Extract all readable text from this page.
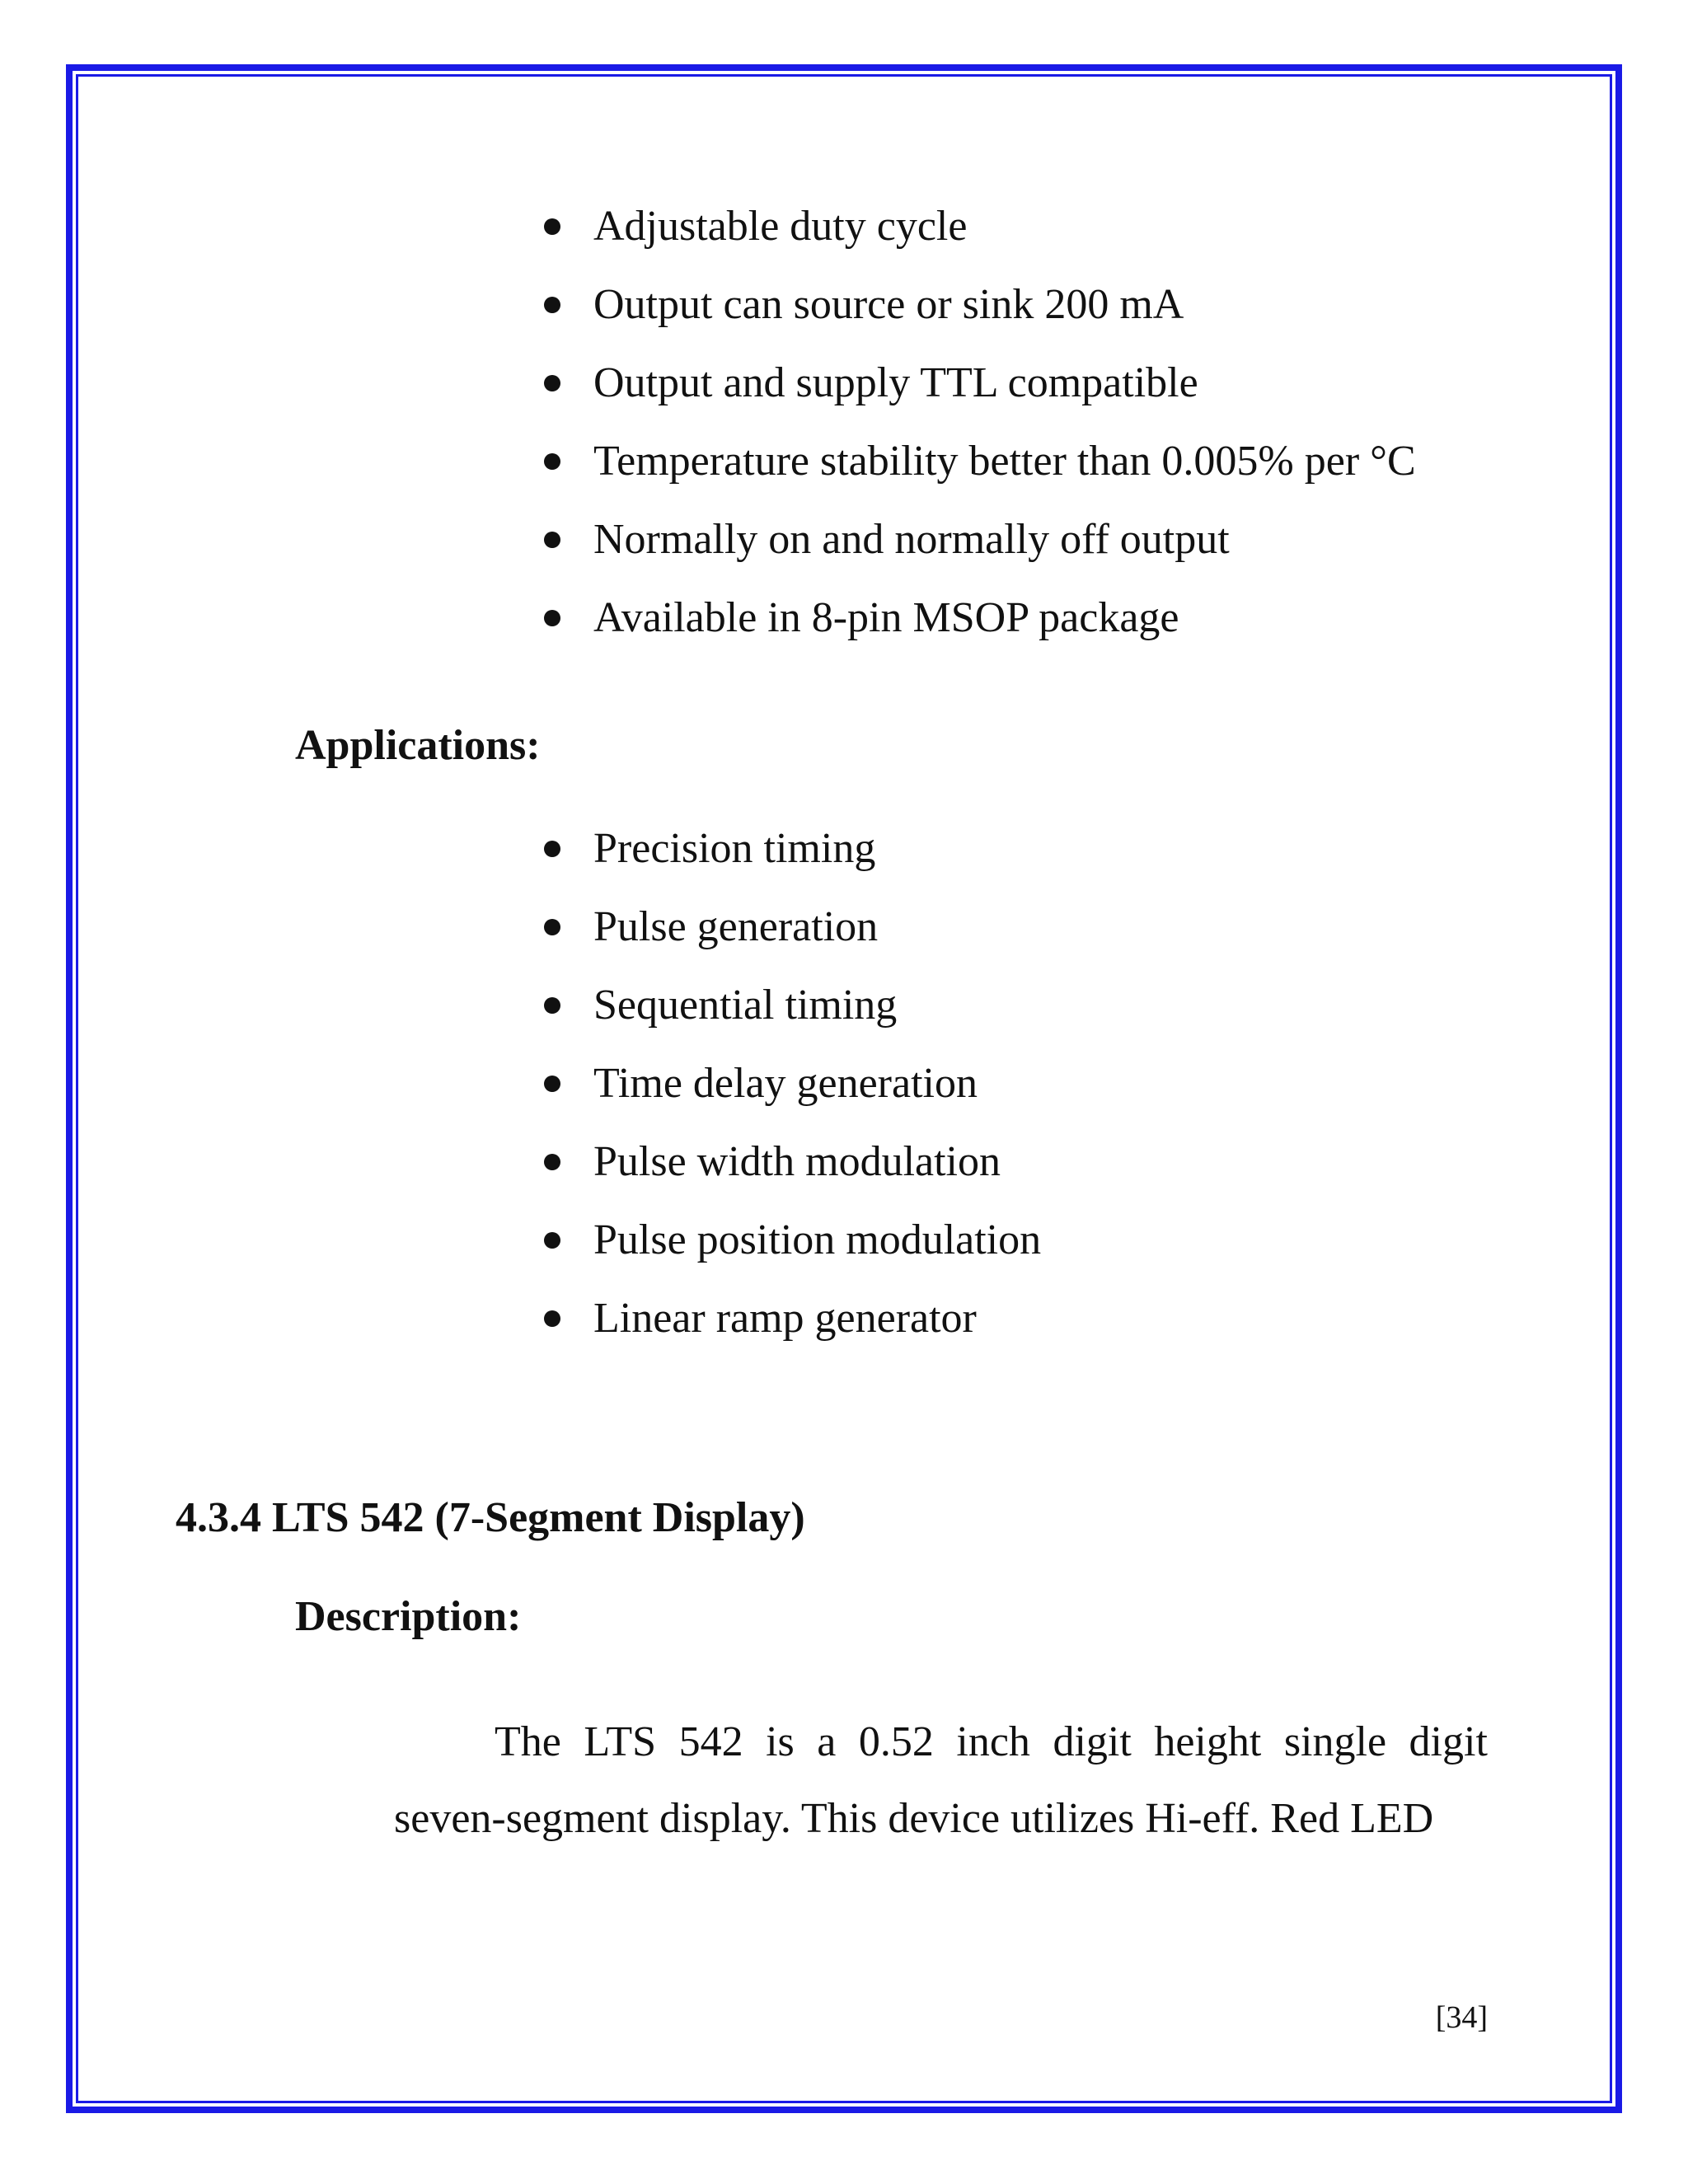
Adjustable duty cycle
Output can source or sink 200 mA
Output and supply TTL compatible
Temperature stability better than 0.005% per °C
Normally on and normally off output
Available in 8-pin MSOP package
Applications:
Precision timing
Pulse generation
Sequential timing
Time delay generation
Pulse width modulation
Pulse position modulation
Linear ramp generator
4.3.4 LTS 542 (7-Segment Display)
Description:
The LTS 542 is a 0.52 inch digit height single digit
seven-segment display. This device utilizes Hi-eff. Red LED
[34]
